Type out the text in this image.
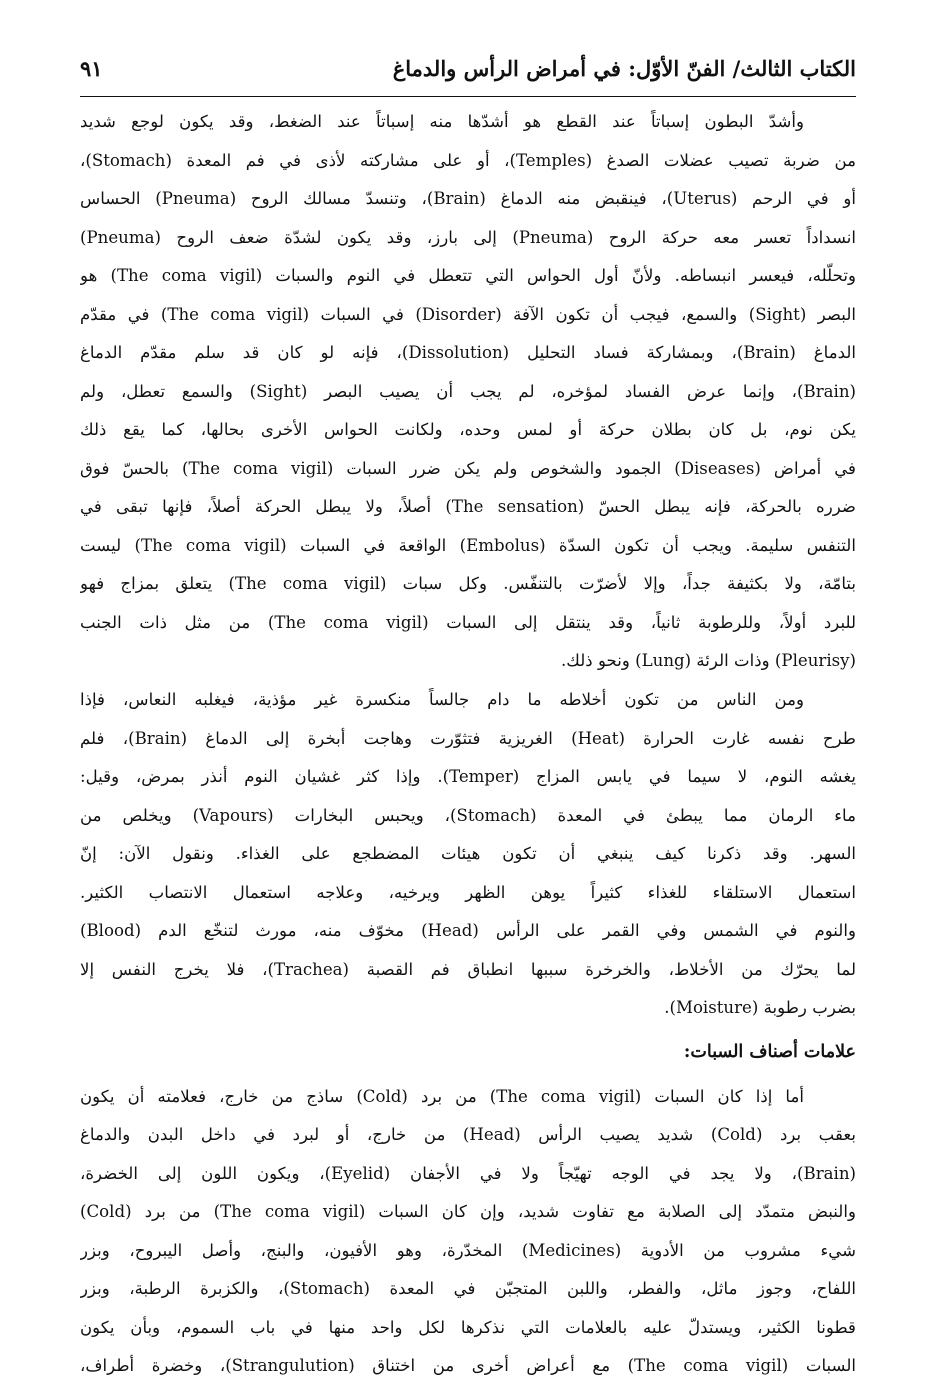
الكتاب الثالث/ الفنّ الأوّل: في أمراض الرأس والدماغ
٩١
وأشدّ البطون إسباتاً عند القطع هو أشدّها منه إسباتاً عند الضغط، وقد يكون لوجع شديد
من ضربة تصيب عضلات الصدغ (Temples)، أو على مشاركته لأذى في فم المعدة (Stomach)،
أو في الرحم (Uterus)، فينقبض منه الدماغ (Brain)، وتنسدّ مسالك الروح (Pneuma) الحساس
انسداداً تعسر معه حركة الروح (Pneuma) إلى بارز، وقد يكون لشدّة ضعف الروح (Pneuma)
وتحلّله، فيعسر انبساطه. ولأنّ أول الحواس التي تتعطل في النوم والسبات (The coma vigil) هو
البصر (Sight) والسمع، فيجب أن تكون الآفة (Disorder) في السبات (The coma vigil) في مقدّم
الدماغ (Brain)، وبمشاركة فساد التحليل (Dissolution)، فإنه لو كان قد سلم مقدّم الدماغ
(Brain)، وإنما عرض الفساد لمؤخره، لم يجب أن يصيب البصر (Sight) والسمع تعطل، ولم
يكن نوم، بل كان بطلان حركة أو لمس وحده، ولكانت الحواس الأخرى بحالها، كما يقع ذلك
في أمراض (Diseases) الجمود والشخوص ولم يكن ضرر السبات (The coma vigil) بالحسّ فوق
ضرره بالحركة، فإنه يبطل الحسّ (The sensation) أصلاً، ولا يبطل الحركة أصلاً، فإنها تبقى في
التنفس سليمة. ويجب أن تكون السدّة (Embolus) الواقعة في السبات (The coma vigil) ليست
بتامّة، ولا بكثيفة جداً، وإلا لأضرّت بالتنفّس. وكل سبات (The coma vigil) يتعلق بمزاج فهو
للبرد أولاً، وللرطوبة ثانياً، وقد ينتقل إلى السبات (The coma vigil) من مثل ذات الجنب
(Pleurisy) وذات الرئة (Lung) ونحو ذلك.
ومن الناس من تكون أخلاطه ما دام جالساً منكسرة غير مؤذية، فيغلبه النعاس، فإذا
طرح نفسه غارت الحرارة (Heat) الغريزية فتثوّرت وهاجت أبخرة إلى الدماغ (Brain)، فلم
يغشه النوم، لا سيما في يابس المزاج (Temper). وإذا كثر غشيان النوم أنذر بمرض، وقيل:
ماء الرمان مما يبطئ في المعدة (Stomach)، ويحبس البخارات (Vapours) ويخلص من
السهر. وقد ذكرنا كيف ينبغي أن تكون هيئات المضطجع على الغذاء. ونقول الآن: إنّ
استعمال الاستلقاء للغذاء كثيراً يوهن الظهر ويرخيه، وعلاجه استعمال الانتصاب الكثير.
والنوم في الشمس وفي القمر على الرأس (Head) مخوّف منه، مورث لتنخّع الدم (Blood)
لما يحرّك من الأخلاط، والخرخرة سببها انطباق فم القصبة (Trachea)، فلا يخرج النفس إلا
بضرب رطوبة (Moisture).
علامات أصناف السبات:
أما إذا كان السبات (The coma vigil) من برد (Cold) ساذج من خارج، فعلامته أن يكون
بعقب برد (Cold) شديد يصيب الرأس (Head) من خارج، أو لبرد في داخل البدن والدماغ
(Brain)، ولا يجد في الوجه تهيّجاً ولا في الأجفان (Eyelid)، ويكون اللون إلى الخضرة،
والنبض متمدّد إلى الصلابة مع تفاوت شديد، وإن كان السبات (The coma vigil) من برد (Cold)
شيء مشروب من الأدوية (Medicines) المخدّرة، وهو الأفيون، والبنج، وأصل اليبروح، وبزر
اللفاح، وجوز ماثل، والفطر، واللبن المتجبّن في المعدة (Stomach)، والكزبرة الرطبة، وبزر
قطونا الكثير، ويستدلّ عليه بالعلامات التي نذكرها لكل واحد منها في باب السموم، وبأن يكون
السبات (The coma vigil) مع أعراض أخرى من اختناق (Strangulution)، وخضرة أطراف،
